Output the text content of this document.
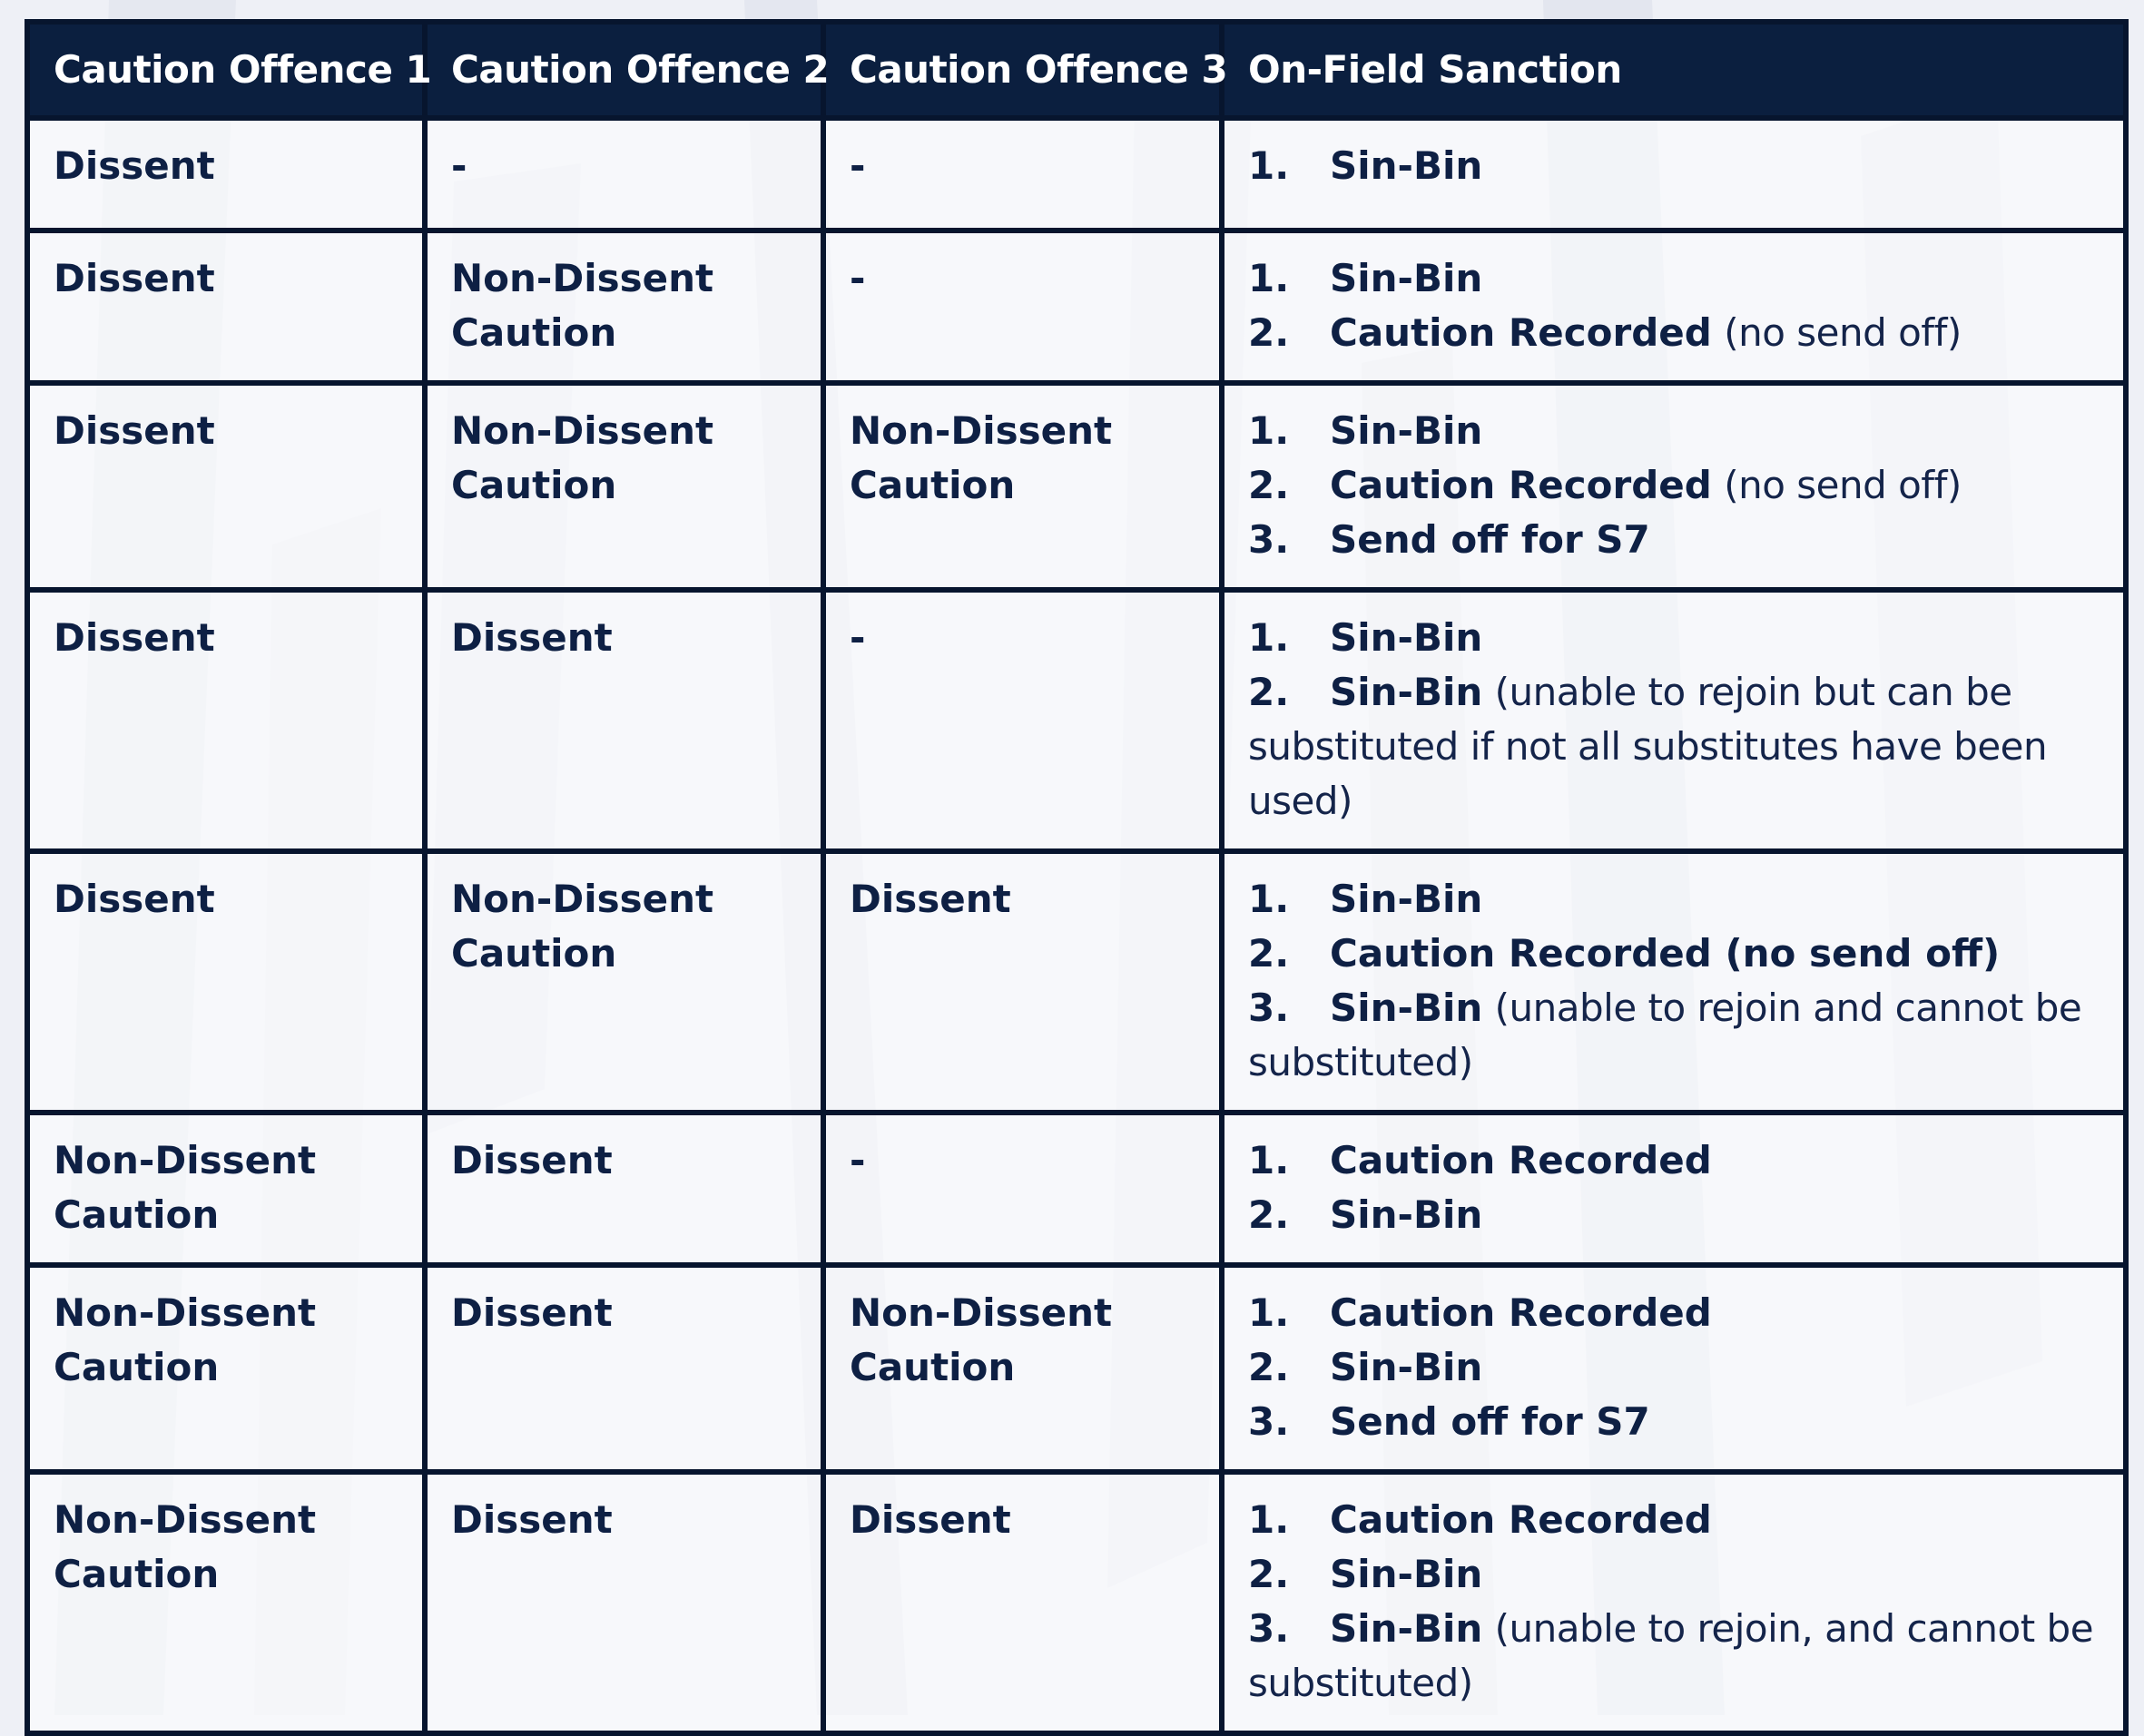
Caution Offence 1	Caution Offence 2	Caution Offence 3	On-Field Sanction
Dissent	-	-	1. Sin-Bin

Dissent	Non-Dissent Caution	-	1. Sin-Bin
2. Caution Recorded (no send off)

Dissent	Non-Dissent Caution	Non-Dissent Caution	1. Sin-Bin
2. Caution Recorded (no send off)
3. Send off for S7

Dissent	Dissent	-	1. Sin-Bin
2. Sin-Bin (unable to rejoin but can be substituted if not all substitutes have been used)

Dissent	Non-Dissent Caution	Dissent	1. Sin-Bin
2. Caution Recorded (no send off)
3. Sin-Bin (unable to rejoin and cannot be substituted)

Non-Dissent Caution	Dissent	-	1. Caution Recorded
2. Sin-Bin

Non-Dissent Caution	Dissent	Non-Dissent Caution	1. Caution Recorded
2. Sin-Bin
3. Send off for S7

Non-Dissent Caution	Dissent	Dissent	1. Caution Recorded
2. Sin-Bin
3. Sin-Bin (unable to rejoin, and cannot be substituted)
